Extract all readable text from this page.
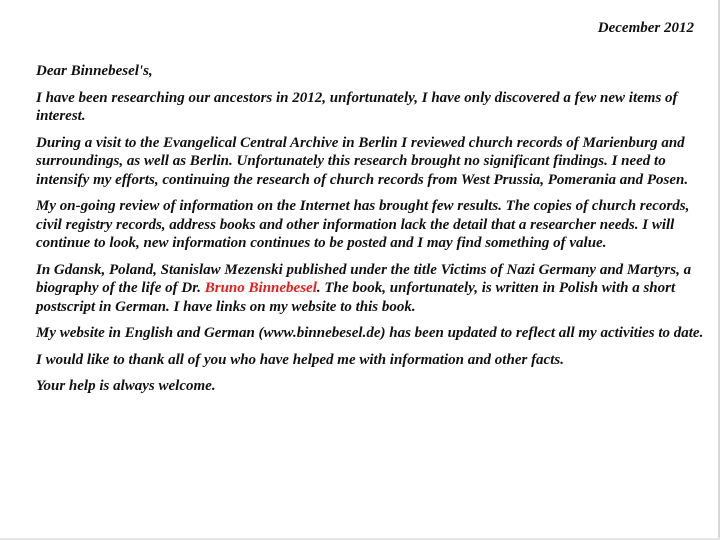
December 2012

Dear Binnebesel's,

I have been researching our ancestors in 2012, unfortunately, I have only discovered a few new items of interest.

During a visit to the Evangelical Central Archive in Berlin I reviewed church records of Marienburg and surroundings, as well as Berlin. Unfortunately this research brought no significant findings. I need to intensify my efforts, continuing the research of church records from West Prussia, Pomerania and Posen.

My on-going review of information on the Internet has brought few results. The copies of church records, civil registry records, address books and other information lack the detail that a researcher needs. I will continue to look, new information continues to be posted and I may find something of value.

In Gdansk, Poland, Stanislaw Mezenski published under the title Victims of Nazi Germany and Martyrs, a biography of the life of Dr. Bruno Binnebesel. The book, unfortunately, is written in Polish with a short postscript in German. I have links on my website to this book.

My website in English and German (www.binnebesel.de) has been updated to reflect all my activities to date.

I would like to thank all of you who have helped me with information and other facts.

Your help is always welcome.
